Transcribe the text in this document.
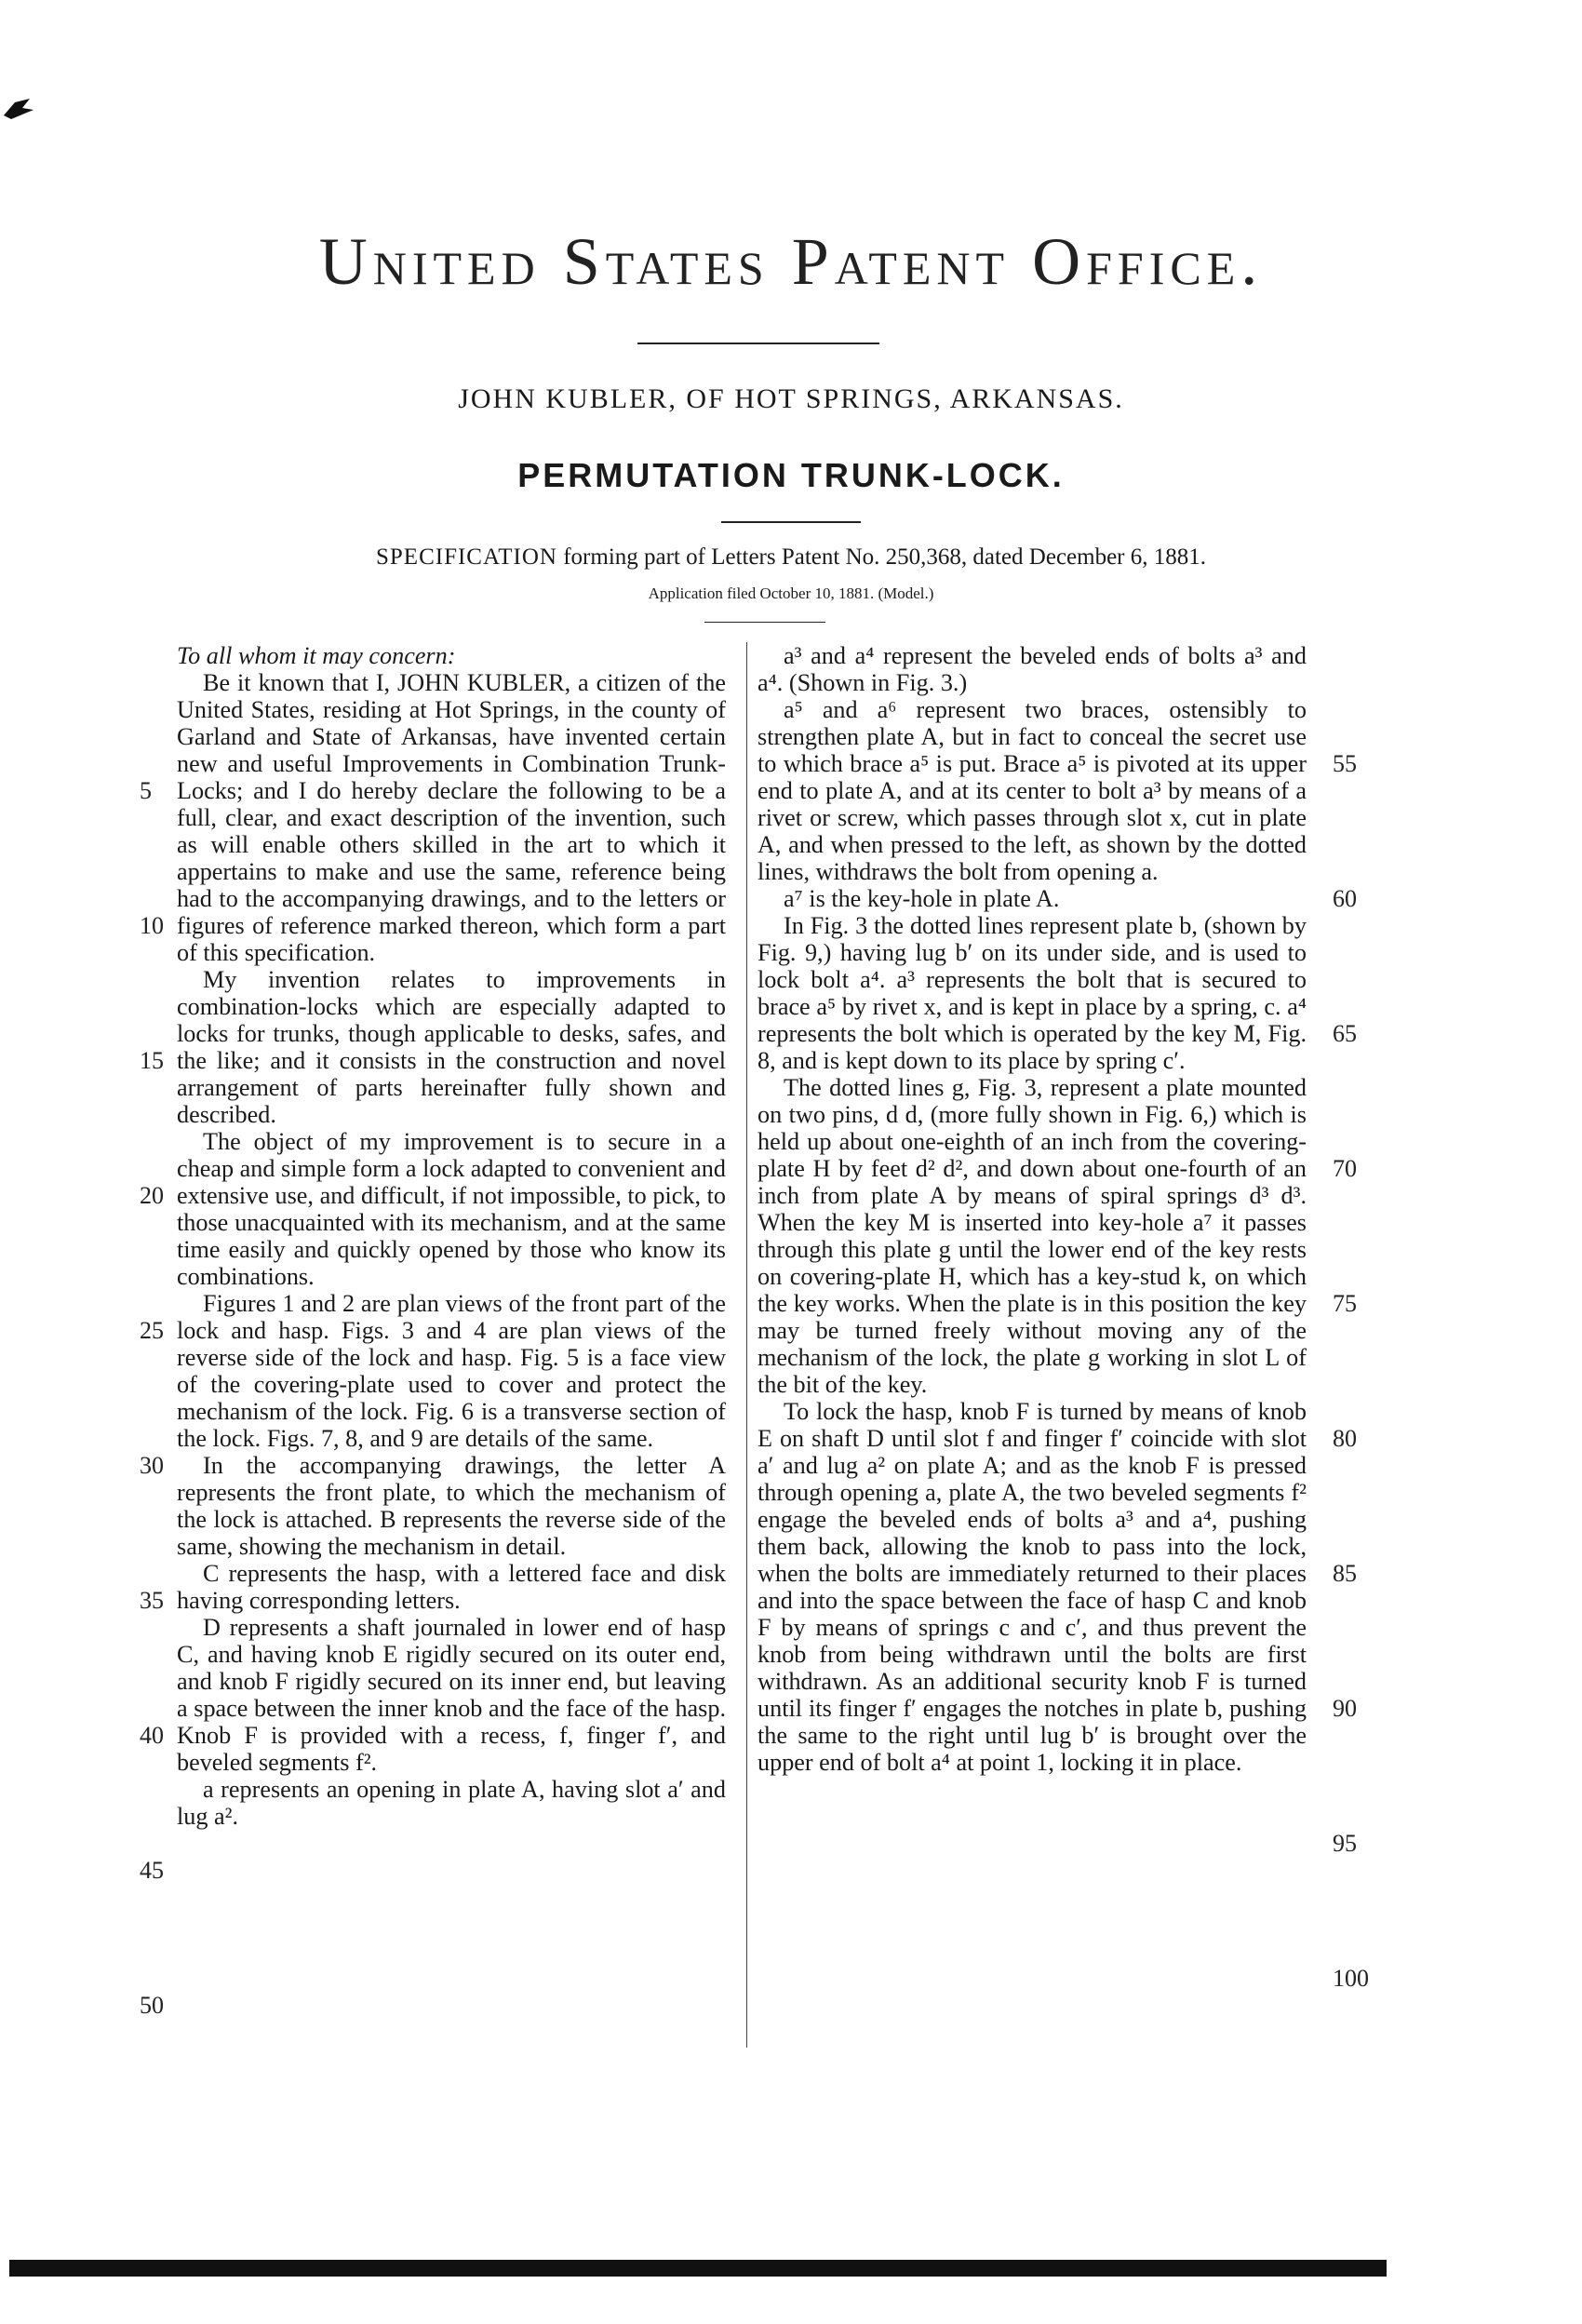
United States Patent Office.
JOHN KUBLER, OF HOT SPRINGS, ARKANSAS.
PERMUTATION TRUNK-LOCK.
SPECIFICATION forming part of Letters Patent No. 250,368, dated December 6, 1881.
Application filed October 10, 1881. (Model.)

To all whom it may concern:

Be it known that I, JOHN KUBLER, a citizen of the United States, residing at Hot Springs, in the county of Garland and State of Arkansas, have invented certain new and useful Improvements in Combination Trunk-Locks; and I do hereby declare the following to be a full, clear, and exact description of the invention, such as will enable others skilled in the art to which it appertains to make and use the same, reference being had to the accompanying drawings, and to the letters or figures of reference marked thereon, which form a part of this specification.

My invention relates to improvements in combination-locks which are especially adapted to locks for trunks, though applicable to desks, safes, and the like; and it consists in the construction and novel arrangement of parts hereinafter fully shown and described.

The object of my improvement is to secure in a cheap and simple form a lock adapted to convenient and extensive use, and difficult, if not impossible, to pick, to those unacquainted with its mechanism, and at the same time easily and quickly opened by those who know its combinations.

Figures 1 and 2 are plan views of the front part of the lock and hasp. Figs. 3 and 4 are plan views of the reverse side of the lock and hasp. Fig. 5 is a face view of the covering-plate used to cover and protect the mechanism of the lock. Fig. 6 is a transverse section of the lock. Figs. 7, 8, and 9 are details of the same.

In the accompanying drawings, the letter A represents the front plate, to which the mechanism of the lock is attached. B represents the reverse side of the same, showing the mechanism in detail.

C represents the hasp, with a lettered face and disk having corresponding letters.

D represents a shaft journaled in lower end of hasp C, and having knob E rigidly secured on its outer end, and knob F rigidly secured on its inner end, but leaving a space between the inner knob and the face of the hasp. Knob F is provided with a recess, f, finger f′, and beveled segments f².

a represents an opening in plate A, having slot a′ and lug a².

a³ and a⁴ represent the beveled ends of bolts a³ and a⁴. (Shown in Fig. 3.)

a⁵ and a⁶ represent two braces, ostensibly to strengthen plate A, but in fact to conceal the secret use to which brace a⁵ is put. Brace a⁵ is pivoted at its upper end to plate A, and at its center to bolt a³ by means of a rivet or screw, which passes through slot x, cut in plate A, and when pressed to the left, as shown by the dotted lines, withdraws the bolt from opening a.

a⁷ is the key-hole in plate A.

In Fig. 3 the dotted lines represent plate b, (shown by Fig. 9,) having lug b′ on its under side, and is used to lock bolt a⁴. a³ represents the bolt that is secured to brace a⁵ by rivet x, and is kept in place by a spring, c. a⁴ represents the bolt which is operated by the key M, Fig. 8, and is kept down to its place by spring c′.

The dotted lines g, Fig. 3, represent a plate mounted on two pins, d d, (more fully shown in Fig. 6,) which is held up about one-eighth of an inch from the covering-plate H by feet d² d², and down about one-fourth of an inch from plate A by means of spiral springs d³ d³. When the key M is inserted into key-hole a⁷ it passes through this plate g until the lower end of the key rests on covering-plate H, which has a key-stud k, on which the key works. When the plate is in this position the key may be turned freely without moving any of the mechanism of the lock, the plate g working in slot L of the bit of the key.

To lock the hasp, knob F is turned by means of knob E on shaft D until slot f and finger f′ coincide with slot a′ and lug a² on plate A; and as the knob F is pressed through opening a, plate A, the two beveled segments f² engage the beveled ends of bolts a³ and a⁴, pushing them back, allowing the knob to pass into the lock, when the bolts are immediately returned to their places and into the space between the face of hasp C and knob F by means of springs c and c′, and thus prevent the knob from being withdrawn until the bolts are first withdrawn. As an additional security knob F is turned until its finger f′ engages the notches in plate b, pushing the same to the right until lug b′ is brought over the upper end of bolt a⁴ at point 1, locking it in place.

5
10
15
20
25
30
35
40
45
50
55
60
65
70
75
80
85
90
95
100
